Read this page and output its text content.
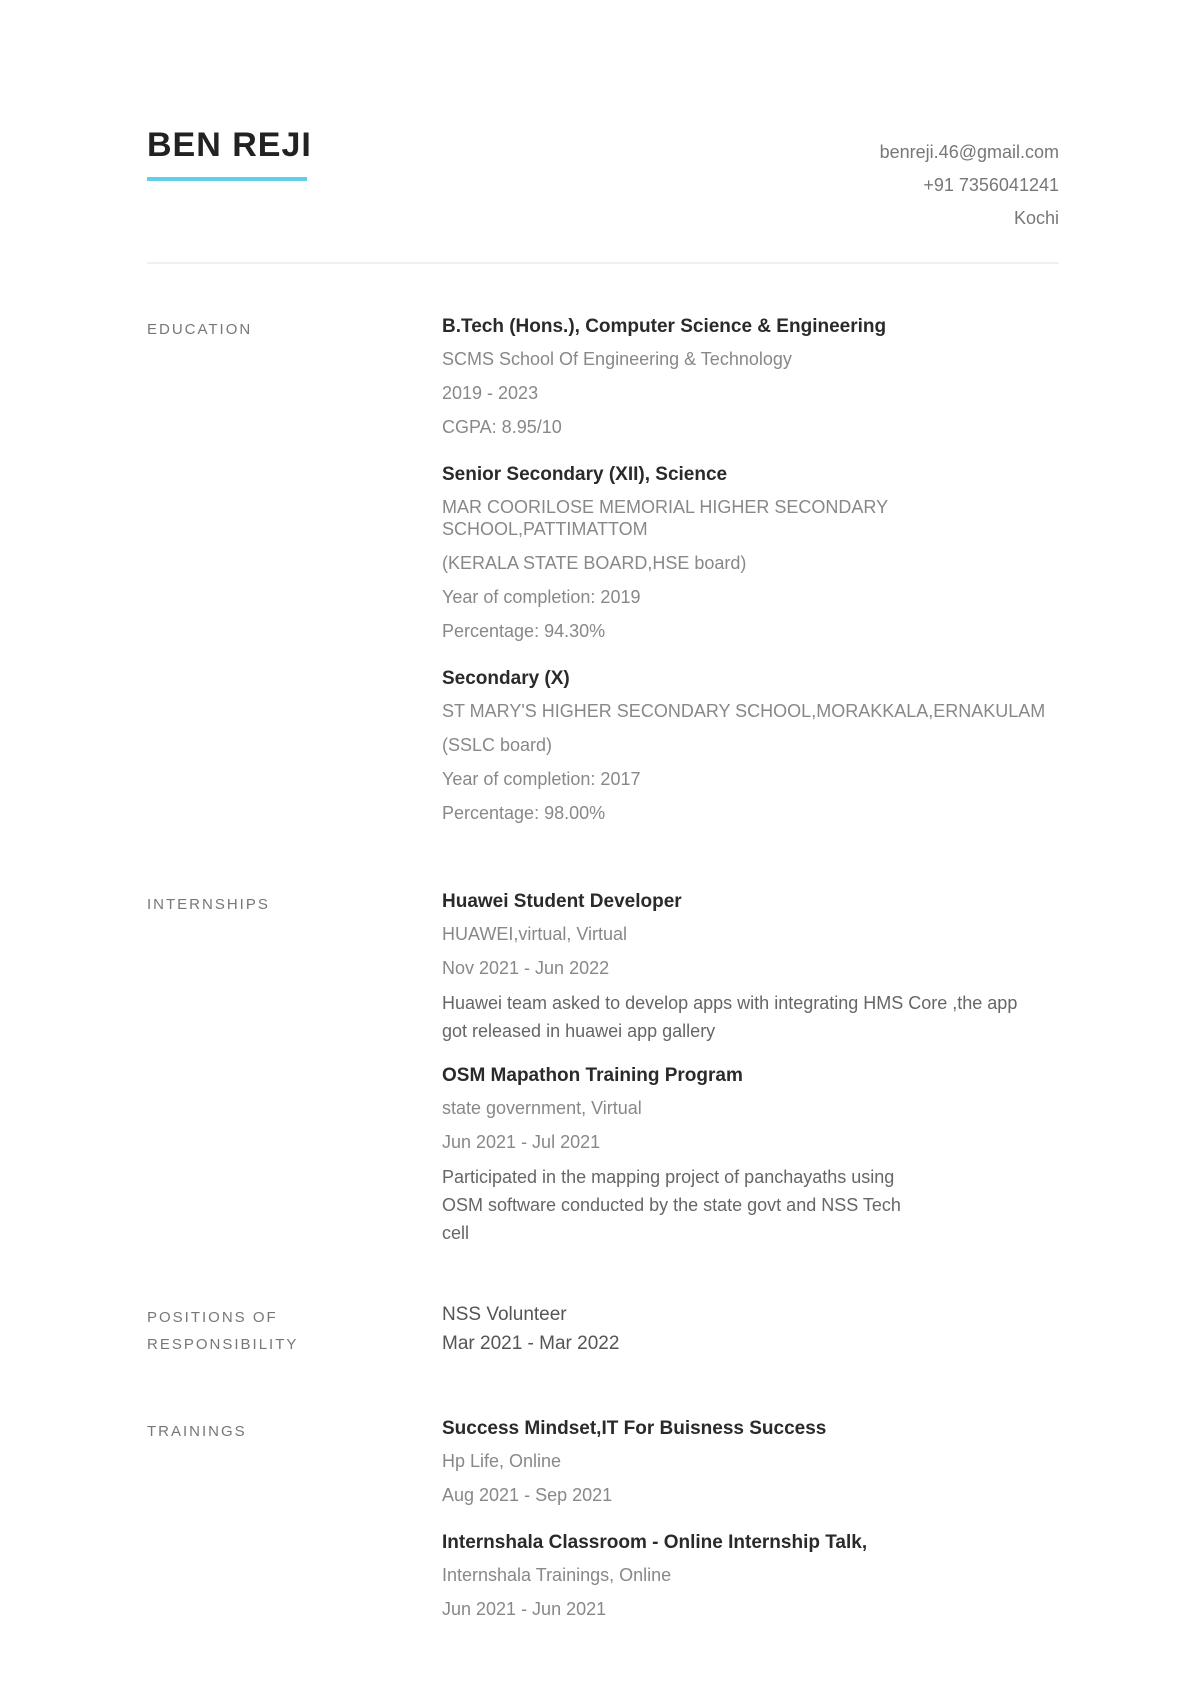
BEN REJI	benreji.46@gmail.com
+91 7356041241
Kochi
EDUCATION	B.Tech (Hons.), Computer Science & Engineering
SCMS School Of Engineering & Technology
2019 - 2023
CGPA: 8.95/10
Senior Secondary (XII), Science
MAR COORILOSE MEMORIAL HIGHER SECONDARY SCHOOL,PATTIMATTOM
(KERALA STATE BOARD,HSE board)
Year of completion: 2019
Percentage: 94.30%
Secondary (X)
ST MARY'S HIGHER SECONDARY SCHOOL,MORAKKALA,ERNAKULAM
(SSLC board)
Year of completion: 2017
Percentage: 98.00%
INTERNSHIPS	Huawei Student Developer
HUAWEI,virtual, Virtual
Nov 2021 - Jun 2022
Huawei team asked to develop apps with integrating HMS Core ,the app got released in huawei app gallery
OSM Mapathon Training Program
state government, Virtual
Jun 2021 - Jul 2021
Participated in the mapping project of panchayaths using OSM software conducted by the state govt and NSS Tech cell
POSITIONS OF
RESPONSIBILITY
NSS Volunteer
Mar 2021 - Mar 2022
TRAININGS	Success Mindset,IT For Buisness Success
Hp Life, Online
Aug 2021 - Sep 2021
Internshala Classroom - Online Internship Talk,
Internshala Trainings, Online
Jun 2021 - Jun 2021
